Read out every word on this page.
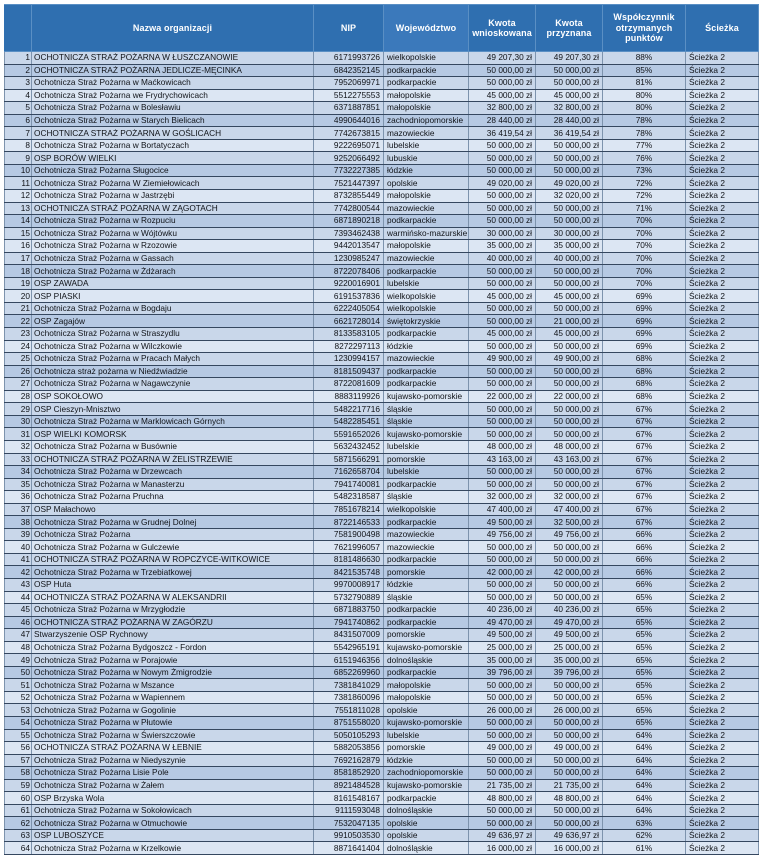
	Nazwa organizacji	NIP	Województwo	Kwota wnioskowana	Kwota przyznana	Współczynnik otrzymanych punktów	Ścieżka
1	OCHOTNICZA STRAŻ POŻARNA W ŁUSZCZANOWIE	6171993726	wielkopolskie	49 207,30 zł	49 207,30 zł	88%	Ścieżka 2
2	OCHOTNICZA STRAŻ POŻARNA JEDLICZE-MĘCINKA	6842352145	podkarpackie	50 000,00 zł	50 000,00 zł	85%	Ścieżka 2
3	Ochotnicza Straż Pożarna w Maćkowicach	7952069971	podkarpackie	50 000,00 zł	50 000,00 zł	81%	Ścieżka 2
4	Ochotnicza Straż Pożarna we Frydrychowicach	5512275553	małopolskie	45 000,00 zł	45 000,00 zł	80%	Ścieżka 2
5	Ochotnicza Straż Pożarna w Bolesławiu	6371887851	małopolskie	32 800,00 zł	32 800,00 zł	80%	Ścieżka 2
6	Ochotnicza Straż Pożarna w Starych Bielicach	4990644016	zachodniopomorskie	28 440,00 zł	28 440,00 zł	78%	Ścieżka 2
7	OCHOTNICZA STRAŻ POŻARNA W GOŚLICACH	7742673815	mazowieckie	36 419,54 zł	36 419,54 zł	78%	Ścieżka 2
8	Ochotnicza Straż Pożarna w Bortatyczach	9222695071	lubelskie	50 000,00 zł	50 000,00 zł	77%	Ścieżka 2
9	OSP BORÓW WIELKI	9252066492	lubuskie	50 000,00 zł	50 000,00 zł	76%	Ścieżka 2
10	Ochotnicza Straż Pożarna Sługocice	7732227385	łódzkie	50 000,00 zł	50 000,00 zł	73%	Ścieżka 2
11	Ochotnicza Straż Pożarna W Ziemiełowicach	7521447397	opolskie	49 020,00 zł	49 020,00 zł	72%	Ścieżka 2
12	Ochotnicza Straż Pożarna w Jastrzębi	8732855449	małopolskie	50 000,00 zł	32 020,00 zł	72%	Ścieżka 2
13	OCHOTNICZA STRAŻ POŻARNA W ZĄGOTACH	7742800544	mazowieckie	50 000,00 zł	50 000,00 zł	71%	Ścieżka 2
14	Ochotnicza Straż Pożarna w Rozpuciu	6871890218	podkarpackie	50 000,00 zł	50 000,00 zł	70%	Ścieżka 2
15	Ochotnicza Straż Pożarna w Wójtówku	7393462438	warmińsko-mazurskie	30 000,00 zł	30 000,00 zł	70%	Ścieżka 2
16	Ochotnicza Straż Pożarna w Rzozowie	9442013547	małopolskie	35 000,00 zł	35 000,00 zł	70%	Ścieżka 2
17	Ochotnicza Straż Pożarna w Gassach	1230985247	mazowieckie	40 000,00 zł	40 000,00 zł	70%	Ścieżka 2
18	Ochotnicza Straż Pożarna w Żdżarach	8722078406	podkarpackie	50 000,00 zł	50 000,00 zł	70%	Ścieżka 2
19	OSP ZAWADA	9220016901	lubelskie	50 000,00 zł	50 000,00 zł	70%	Ścieżka 2
20	OSP PIASKI	6191537836	wielkopolskie	45 000,00 zł	45 000,00 zł	69%	Ścieżka 2
21	Ochotnicza Straż Pożarna w Bogdaju	6222405054	wielkopolskie	50 000,00 zł	50 000,00 zł	69%	Ścieżka 2
22	OSP Zagajów	6621728014	świętokrzyskie	50 000,00 zł	21 000,00 zł	69%	Ścieżka 2
23	Ochotnicza Straż Pożarna w Straszydlu	8133583105	podkarpackie	45 000,00 zł	45 000,00 zł	69%	Ścieżka 2
24	Ochotnicza Straż Pożarna w Wilczkowie	8272297113	łódzkie	50 000,00 zł	50 000,00 zł	69%	Ścieżka 2
25	Ochotnicza Straż Pożarna w Pracach Małych	1230994157	mazowieckie	49 900,00 zł	49 900,00 zł	68%	Ścieżka 2
26	Ochotnicza straż pożarna w Niedźwiadzie	8181509437	podkarpackie	50 000,00 zł	50 000,00 zł	68%	Ścieżka 2
27	Ochotnicza Straż Pożarna w Nagawczynie	8722081609	podkarpackie	50 000,00 zł	50 000,00 zł	68%	Ścieżka 2
28	OSP SOKOŁOWO	8883119926	kujawsko-pomorskie	22 000,00 zł	22 000,00 zł	68%	Ścieżka 2
29	OSP Cieszyn-Mnisztwo	5482217716	śląskie	50 000,00 zł	50 000,00 zł	67%	Ścieżka 2
30	Ochotnicza Straż Pożarna w Marklowicach Górnych	5482285451	śląskie	50 000,00 zł	50 000,00 zł	67%	Ścieżka 2
31	OSP WIELKI KOMORSK	5591652026	kujawsko-pomorskie	50 000,00 zł	50 000,00 zł	67%	Ścieżka 2
32	Ochotnicza Straż Pożarna w Busównie	5632432452	lubelskie	48 000,00 zł	48 000,00 zł	67%	Ścieżka 2
33	OCHOTNICZA STRAŻ POŻARNA W ŻELISTRZEWIE	5871566291	pomorskie	43 163,00 zł	43 163,00 zł	67%	Ścieżka 2
34	Ochotnicza Straż Pożarna w Drzewcach	7162658704	lubelskie	50 000,00 zł	50 000,00 zł	67%	Ścieżka 2
35	Ochotnicza Straż Pożarna w Manasterzu	7941740081	podkarpackie	50 000,00 zł	50 000,00 zł	67%	Ścieżka 2
36	Ochotnicza Straż Pożarna Pruchna	5482318587	śląskie	32 000,00 zł	32 000,00 zł	67%	Ścieżka 2
37	OSP Małachowo	7851678214	wielkopolskie	47 400,00 zł	47 400,00 zł	67%	Ścieżka 2
38	Ochotnicza Straż Pożarna w Grudnej Dolnej	8722146533	podkarpackie	49 500,00 zł	32 500,00 zł	67%	Ścieżka 2
39	Ochotnicza Straż Pożarna	7581900498	mazowieckie	49 756,00 zł	49 756,00 zł	66%	Ścieżka 2
40	Ochotnicza Straż Pożarna w Gulczewie	7621996057	mazowieckie	50 000,00 zł	50 000,00 zł	66%	Ścieżka 2
41	OCHOTNICZA STRAŻ POŻARNA W ROPCZYCE-WITKOWICE	8181486630	podkarpackie	50 000,00 zł	50 000,00 zł	66%	Ścieżka 2
42	Ochotnicza Straż Pożarna w Trzebiatkowej	8421535748	pomorskie	42 000,00 zł	42 000,00 zł	66%	Ścieżka 2
43	OSP Huta	9970008917	łódzkie	50 000,00 zł	50 000,00 zł	66%	Ścieżka 2
44	OCHOTNICZA STRAŻ POŻARNA W ALEKSANDRII	5732790889	śląskie	50 000,00 zł	50 000,00 zł	65%	Ścieżka 2
45	Ochotnicza Straż Pożarna w Mrzygłodzie	6871883750	podkarpackie	40 236,00 zł	40 236,00 zł	65%	Ścieżka 2
46	OCHOTNICZA STRAŻ POŻARNA W ZAGÓRZU	7941740862	podkarpackie	49 470,00 zł	49 470,00 zł	65%	Ścieżka 2
47	Stwarzyszenie OSP Rychnowy	8431507009	pomorskie	49 500,00 zł	49 500,00 zł	65%	Ścieżka 2
48	Ochotnicza Straż Pożarna Bydgoszcz - Fordon	5542965191	kujawsko-pomorskie	25 000,00 zł	25 000,00 zł	65%	Ścieżka 2
49	Ochotnicza Straż Pożarna w Porajowie	6151946356	dolnośląskie	35 000,00 zł	35 000,00 zł	65%	Ścieżka 2
50	Ochotnicza Straż Pożarna w Nowym Żmigrodzie	6852269960	podkarpackie	39 796,00 zł	39 796,00 zł	65%	Ścieżka 2
51	Ochotnicza Straż Pożarna w Mszance	7381841029	małopolskie	50 000,00 zł	50 000,00 zł	65%	Ścieżka 2
52	Ochotnicza Straż Pożarna w Wapiennem	7381860096	małopolskie	50 000,00 zł	50 000,00 zł	65%	Ścieżka 2
53	Ochotnicza Straż Pożarna w Gogolinie	7551811028	opolskie	26 000,00 zł	26 000,00 zł	65%	Ścieżka 2
54	Ochotnicza Straż Pożarna w Płutowie	8751558020	kujawsko-pomorskie	50 000,00 zł	50 000,00 zł	65%	Ścieżka 2
55	Ochotnicza Straż Pożarna w Świerszczowie	5050105293	lubelskie	50 000,00 zł	50 000,00 zł	64%	Ścieżka 2
56	OCHOTNICZA STRAŻ POŻARNA W ŁEBNIE	5882053856	pomorskie	49 000,00 zł	49 000,00 zł	64%	Ścieżka 2
57	Ochotnicza Straż Pożarna w Niedyszynie	7692162879	łódzkie	50 000,00 zł	50 000,00 zł	64%	Ścieżka 2
58	Ochotnicza Straż Pożarna Lisie Pole	8581852920	zachodniopomorskie	50 000,00 zł	50 000,00 zł	64%	Ścieżka 2
59	Ochotnicza Straż Pożarna w Żałem	8921484528	kujawsko-pomorskie	21 735,00 zł	21 735,00 zł	64%	Ścieżka 2
60	OSP Brzyska Wola	8161548167	podkarpackie	48 800,00 zł	48 800,00 zł	64%	Ścieżka 2
61	Ochotnicza Straż Pożarna w Sokołowicach	9111593048	dolnośląskie	50 000,00 zł	50 000,00 zł	64%	Ścieżka 2
62	Ochotnicza Straż Pożarna w Otmuchowie	7532047135	opolskie	50 000,00 zł	50 000,00 zł	63%	Ścieżka 2
63	OSP LUBOSZYCE	9910503530	opolskie	49 636,97 zł	49 636,97 zł	62%	Ścieżka 2
64	Ochotnicza Straż Pożarna w Krzelkowie	8871641404	dolnośląskie	16 000,00 zł	16 000,00 zł	61%	Ścieżka 2
